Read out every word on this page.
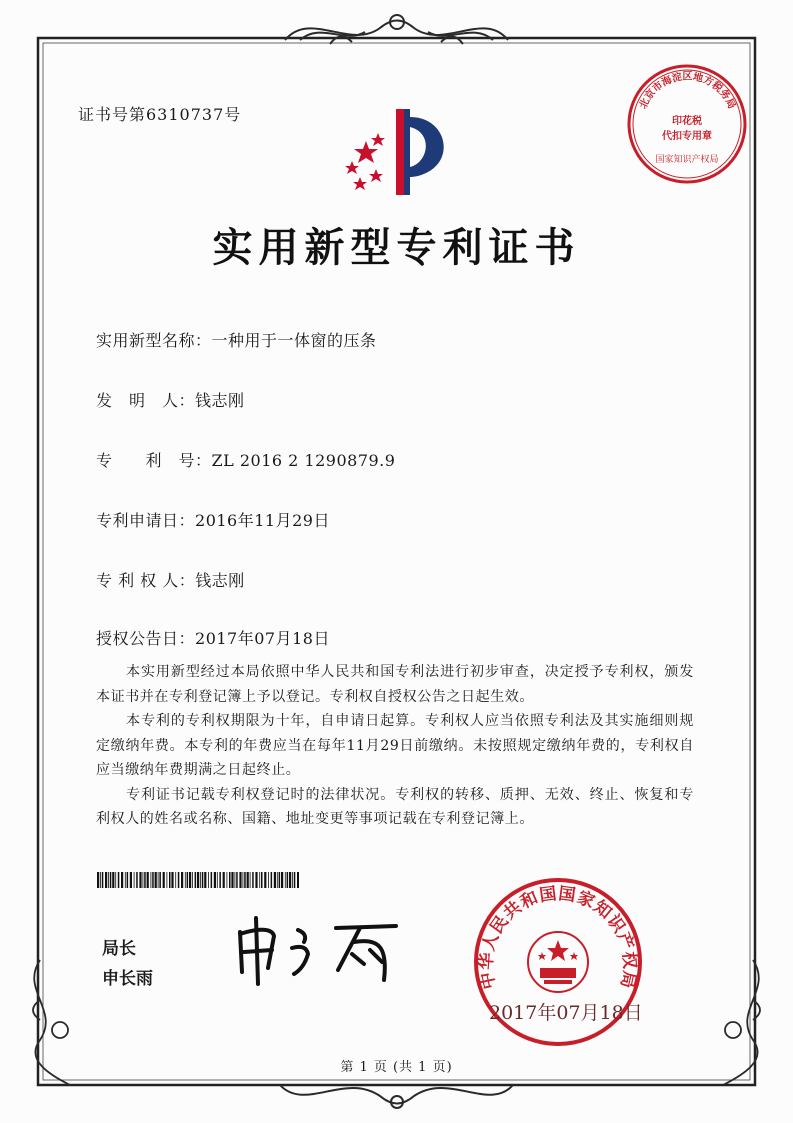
北京市海淀区地方税务局
印花税
代扣专用章
国家知识产权局
证书号第6310737号
实用新型专利证书
实用新型名称：一种用于一体窗的压条
发　明　人：钱志刚
专　　利　号：ZL 2016 2 1290879.9
专利申请日：2016年11月29日
专 利 权 人：钱志刚
授权公告日：2017年07月18日

本实用新型经过本局依照中华人民共和国专利法进行初步审查，决定授予专利权，颁发本证书并在专利登记簿上予以登记。专利权自授权公告之日起生效。

本专利的专利权期限为十年，自申请日起算。专利权人应当依照专利法及其实施细则规定缴纳年费。本专利的年费应当在每年11月29日前缴纳。未按照规定缴纳年费的，专利权自应当缴纳年费期满之日起终止。

专利证书记载专利权登记时的法律状况。专利权的转移、质押、无效、终止、恢复和专利权人的姓名或名称、国籍、地址变更等事项记载在专利登记簿上。

局长
申长雨	中华人民共和国国家知识产权局
2017年07月18日
第 1 页 (共 1 页)
